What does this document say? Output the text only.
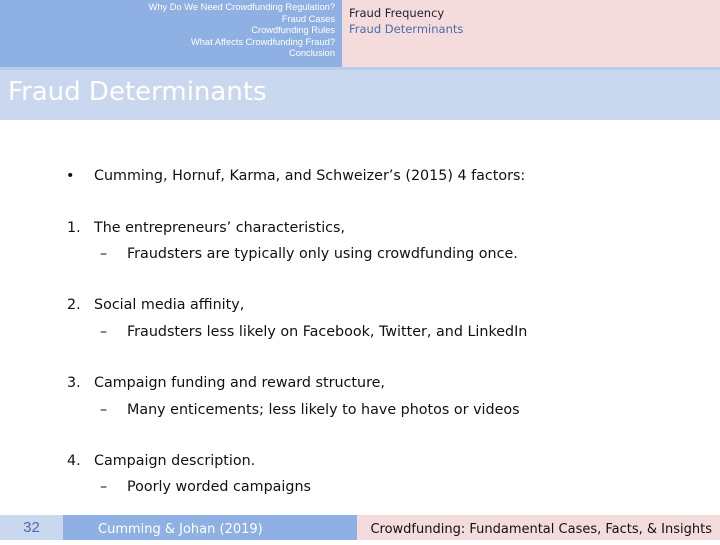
Why Do We Need Crowdfunding Regulation?
Fraud Cases
Crowdfunding Rules
What Affects Crowdfunding Fraud?
Conclusion
Fraud Frequency
Fraud Determinants
Fraud Determinants
• Cumming, Hornuf, Karma, and Schweizer’s (2015) 4 factors:
1. The entrepreneurs’ characteristics,
– Fraudsters are typically only using crowdfunding once.
2. Social media affinity,
– Fraudsters less likely on Facebook, Twitter, and LinkedIn
3. Campaign funding and reward structure,
– Many enticements; less likely to have photos or videos
4. Campaign description.
– Poorly worded campaigns
32	Cumming & Johan (2019)	Crowdfunding: Fundamental Cases, Facts, & Insights
